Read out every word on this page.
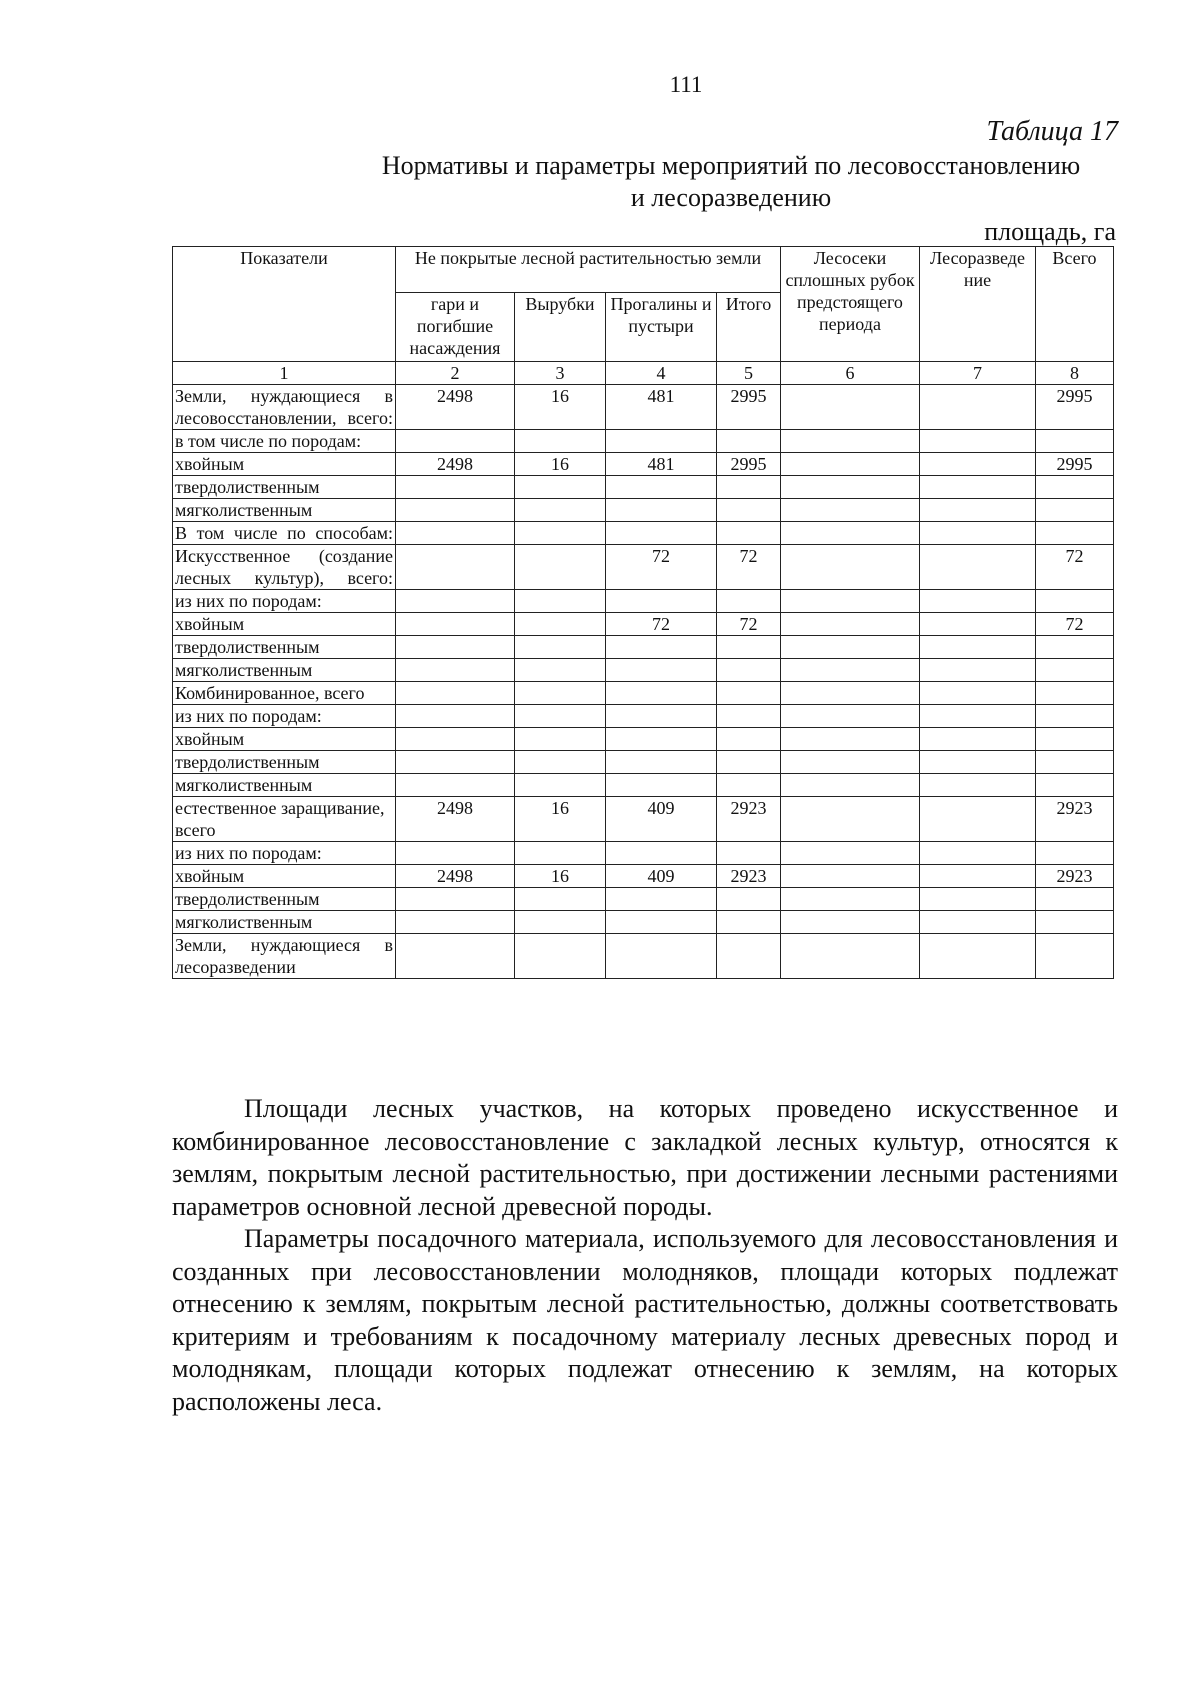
111
Таблица 17
Нормативы и параметры мероприятий по лесовосстановлению
и лесоразведению
площадь, га
Показатели	Не покрытые лесной растительностью земли				Лесосеки сплошных рубок предстоящего периода	Лесоразведе ние	Всего
	гари и погибшие насаждения	Вырубки	Прогалины и пустыри	Итого			
1	2	3	4	5	6	7	8
Земли, нуждающиеся в лесовосстановлении, всего:	2498	16	481	2995			2995
в том числе по породам:							
хвойным	2498	16	481	2995			2995
твердолиственным							
мягколиственным							
В том числе по способам:							
Искусственное (создание лесных культур), всего:			72	72			72
из них по породам:							
хвойным			72	72			72
твердолиственным							
мягколиственным							
Комбинированное, всего							
из них по породам:							
хвойным							
твердолиственным							
мягколиственным							
естественное заращивание, всего	2498	16	409	2923			2923
из них по породам:							
хвойным	2498	16	409	2923			2923
твердолиственным							
мягколиственным							
Земли, нуждающиеся в лесоразведении							

Площади лесных участков, на которых проведено искусственное и комбинированное лесовосстановление с закладкой лесных культур, относятся к землям, покрытым лесной растительностью, при достижении лесными растениями параметров основной лесной древесной породы.

Параметры посадочного материала, используемого для лесовосстановления и созданных при лесовосстановлении молодняков, площади которых подлежат отнесению к землям, покрытым лесной растительностью, должны соответствовать критериям и требованиям к посадочному материалу лесных древесных пород и молоднякам, площади которых подлежат отнесению к землям, на которых расположены леса.
